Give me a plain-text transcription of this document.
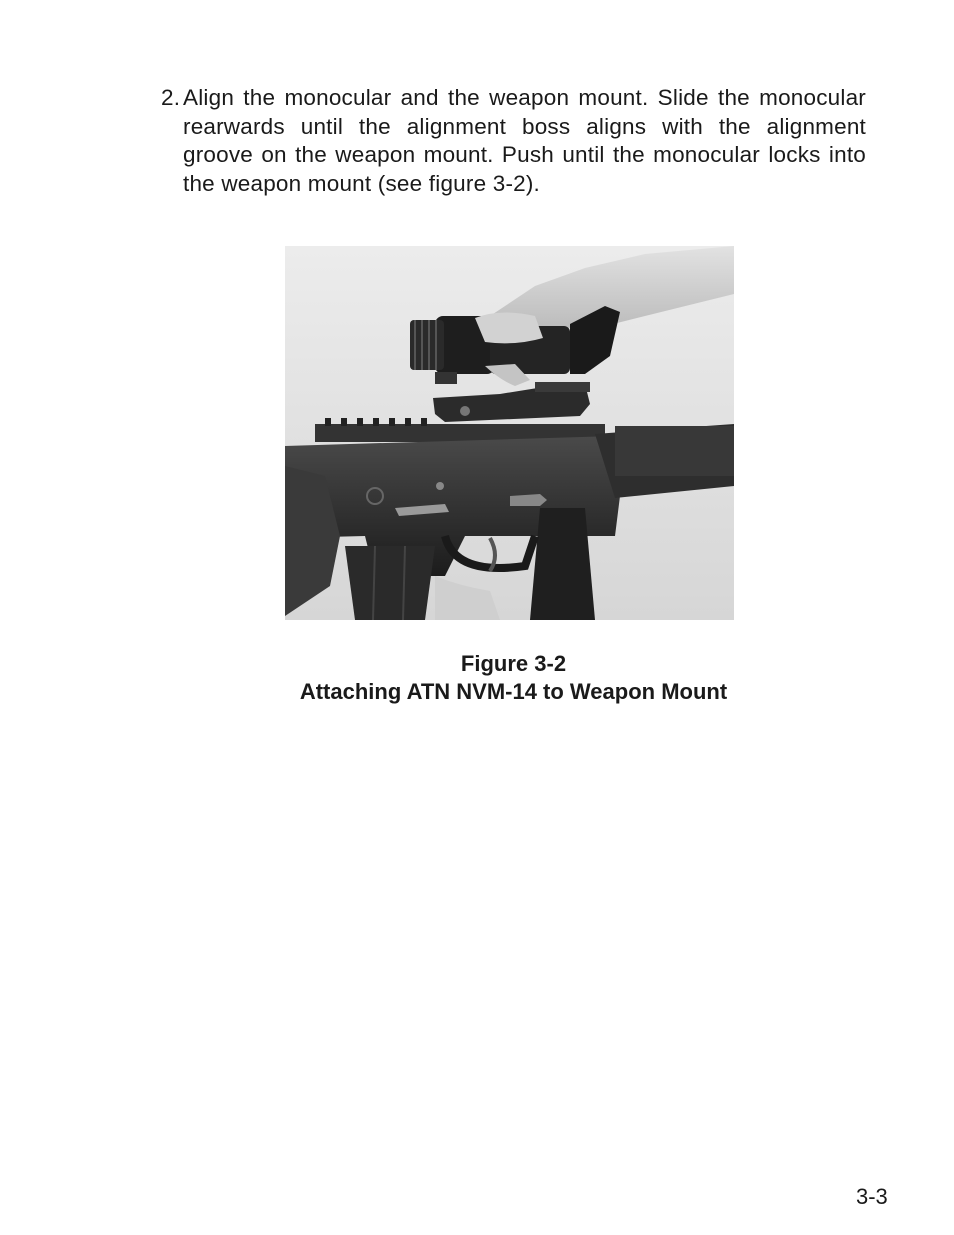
2. Align the monocular and the weapon mount. Slide the monocular rearwards until the alignment boss aligns with the alignment groove on the weapon mount. Push until the monocular locks into the weapon mount (see figure 3-2).
Figure 3-2
Attaching ATN NVM-14 to Weapon Mount
3-3
